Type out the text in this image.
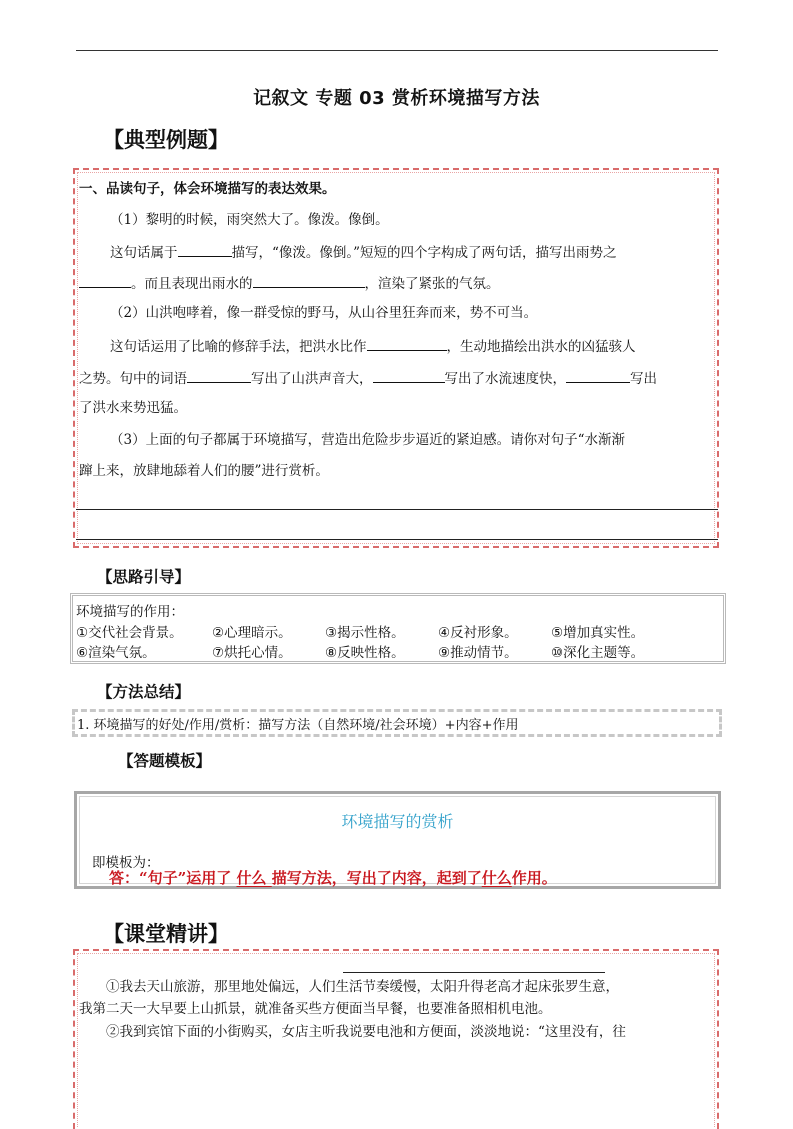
记叙文 专题 03 赏析环境描写方法
【典型例题】
一、品读句子，体会环境描写的表达效果。
（1）黎明的时候，雨突然大了。像泼。像倒。
这句话属于	描写，“像泼。像倒。”短短的四个字构成了两句话，描写出雨势之
。而且表现出雨水的	，渲染了紧张的气氛。
（2）山洪咆哮着，像一群受惊的野马，从山谷里狂奔而来，势不可当。
这句话运用了比喻的修辞手法，把洪水比作	，生动地描绘出洪水的凶猛骇人
之势。句中的词语	写出了山洪声音大，	写出了水流速度快，	写出
了洪水来势迅猛。
（3）上面的句子都属于环境描写，营造出危险步步逼近的紧迫感。请你对句子“水渐渐
蹿上来，放肆地舔着人们的腰”进行赏析。
【思路引导】
环境描写的作用：
①交代社会背景。 ②心理暗示。 ③揭示性格。 ④反衬形象。 ⑤增加真实性。
⑥渲染气氛。	⑦烘托心情。 ⑧反映性格。 ⑨推动情节。 ⑩深化主题等。
【方法总结】
1. 环境描写的好处/作用/赏析：描写方法（自然环境/社会环境）+内容+作用
【答题模板】
环境描写的赏析
即模板为：
答：“句子”运用了 什么 描写方法，写出了内容，起到了什么作用。
【课堂精讲】
①我去天山旅游，那里地处偏远，人们生活节奏缓慢，太阳升得老高才起床张罗生意，
我第二天一大早要上山抓景，就准备买些方便面当早餐，也要准备照相机电池。
②我到宾馆下面的小街购买，女店主听我说要电池和方便面，淡淡地说：“这里没有，往
